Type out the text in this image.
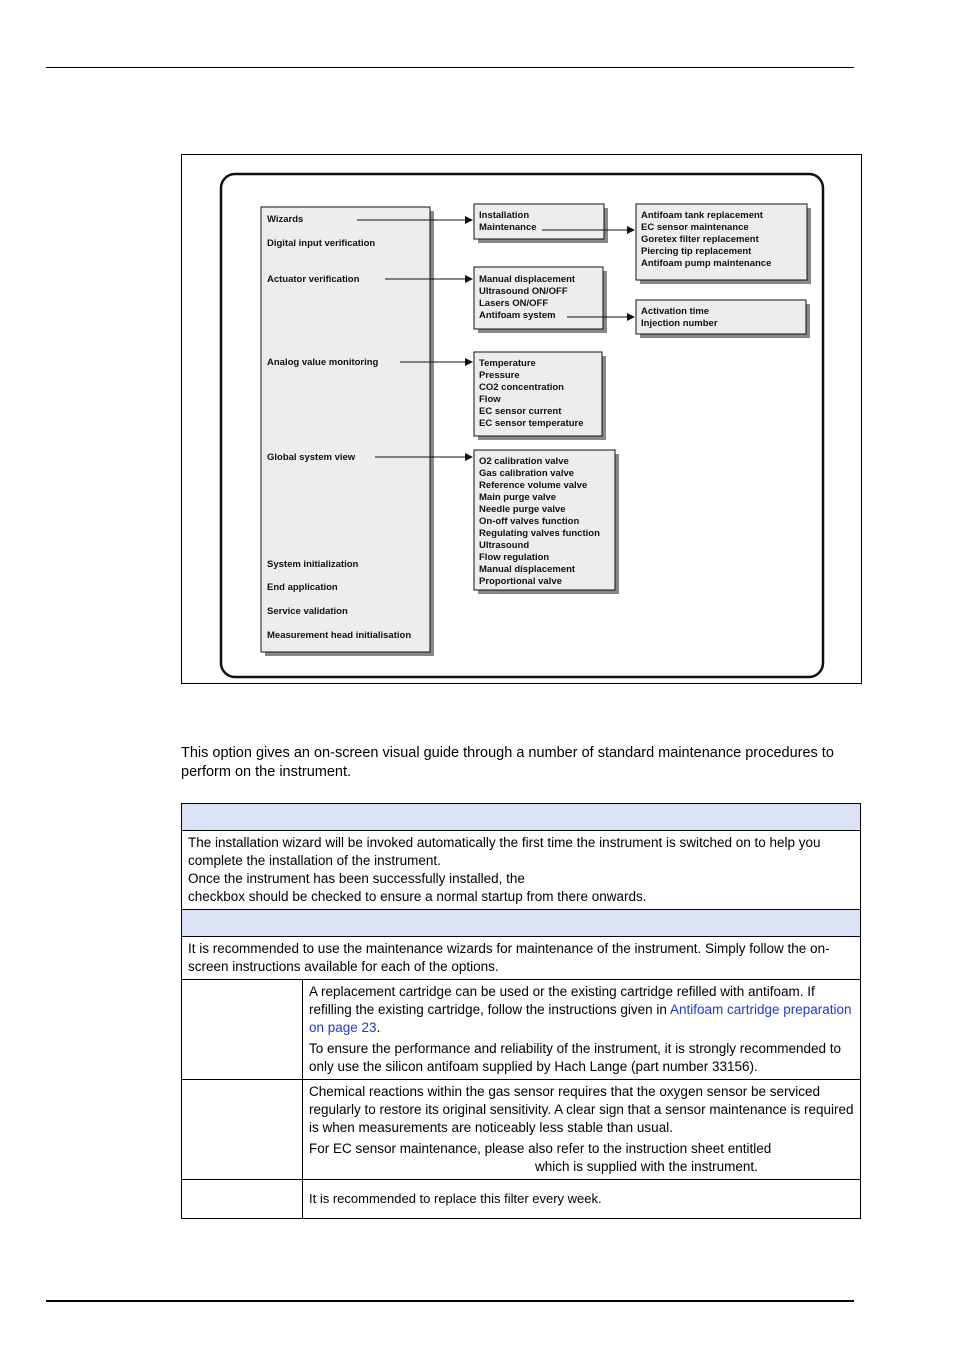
Wizards
Digital input verification
Actuator verification
Analog value monitoring
Global system view
System initialization
End application
Service validation
Measurement head initialisation
Installation
Maintenance
Antifoam tank replacement
EC sensor maintenance
Goretex filter replacement
Piercing tip replacement
Antifoam pump maintenance
Manual displacement
Ultrasound ON/OFF
Lasers ON/OFF
Antifoam system	Activation time
Injection number
Temperature
Pressure
CO2 concentration
Flow
EC sensor current
EC sensor temperature
O2 calibration valve
Gas calibration valve
Reference volume valve
Main purge valve
Needle purge valve
On-off valves function
Regulating valves function
Ultrasound
Flow regulation
Manual displacement
Proportional valve

This option gives an on-screen visual guide through a number of standard maintenance procedures to perform on the instrument.

The installation wizard will be invoked automatically the first time the instrument is switched on to help you complete the installation of the instrument.

Once the instrument has been successfully installed, the
checkbox should be checked to ensure a normal startup from there onwards.	

It is recommended to use the maintenance wizards for maintenance of the instrument. Simply follow the on-screen instructions available for each of the options.	

	A replacement cartridge can be used or the existing cartridge refilled with antifoam. If refilling the existing cartridge, follow the instructions given in Antifoam cartridge preparation on page 23.

To ensure the performance and reliability of the instrument, it is strongly recommended to only use the silicon antifoam supplied by Hach Lange (part number 33156).

	Chemical reactions within the gas sensor requires that the oxygen sensor be serviced regularly to restore its original sensitivity. A clear sign that a sensor maintenance is required is when measurements are noticeably less stable than usual.

For EC sensor maintenance, please also refer to the instruction sheet entitled
which is supplied with the instrument.

	It is recommended to replace this filter every week.
